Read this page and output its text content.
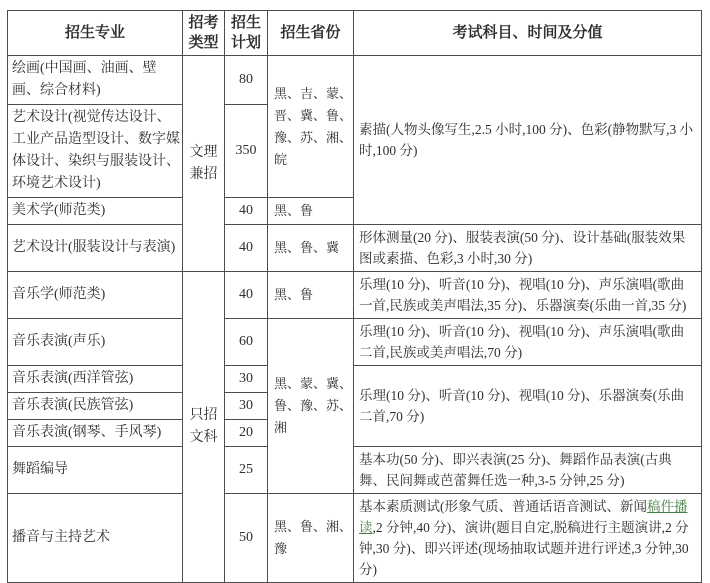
招生专业	招考类型	招生计划	招生省份	考试科目、时间及分值
绘画(中国画、油画、壁画、综合材料)	文理兼招	80	黑、吉、蒙、晋、冀、鲁、豫、苏、湘、皖	素描(人物头像写生,2.5 小时,100 分)、色彩(静物默写,3 小时,100 分)
艺术设计(视觉传达设计、工业产品造型设计、数字媒体设计、染织与服装设计、环境艺术设计)		350		
美术学(师范类)		40	黑、鲁	
艺术设计(服装设计与表演)		40	黑、鲁、冀	形体测量(20 分)、服装表演(50 分)、设计基础(服装效果图或素描、色彩,3 小时,30 分)
音乐学(师范类)	只招文科	40	黑、鲁	乐理(10 分)、听音(10 分)、视唱(10 分)、声乐演唱(歌曲一首,民族或美声唱法,35 分)、乐器演奏(乐曲一首,35 分)
音乐表演(声乐)		60	黑、蒙、冀、鲁、豫、苏、湘	乐理(10 分)、听音(10 分)、视唱(10 分)、声乐演唱(歌曲二首,民族或美声唱法,70 分)
音乐表演(西洋管弦)		30		乐理(10 分)、听音(10 分)、视唱(10 分)、乐器演奏(乐曲二首,70 分)
音乐表演(民族管弦)		30		
音乐表演(钢琴、手风琴)		20		
舞蹈编导		25		基本功(50 分)、即兴表演(25 分)、舞蹈作品表演(古典舞、民间舞或芭蕾舞任选一种,3-5 分钟,25 分)
播音与主持艺术		50	黑、鲁、湘、豫	基本素质测试(形象气质、普通话语音测试、新闻稿件播读,2 分钟,40 分)、演讲(题目自定,脱稿进行主题演讲,2 分钟,30 分)、即兴评述(现场抽取试题并进行评述,3 分钟,30 分)
